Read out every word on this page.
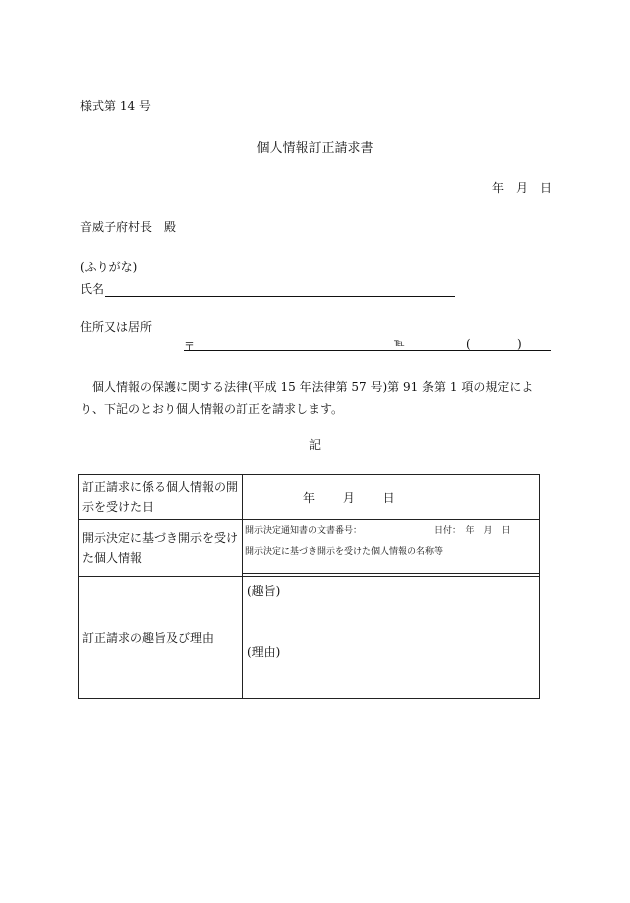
様式第 14 号
個人情報訂正請求書
年　月　日
音威子府村長　殿
(ふりがな)
氏名
住所又は居所
〒	℡	(	)
個人情報の保護に関する法律(平成 15 年法律第 57 号)第 91 条第 1 項の規定により、下記のとおり個人情報の訂正を請求します。
記
訂正請求に係る個人情報の開示を受けた日	年 月 日
開示決定に基づき開示を受けた個人情報	開示決定通知書の文書番号： 日付：　年　月　日
開示決定に基づき開示を受けた個人情報の名称等

訂正請求の趣旨及び理由	(趣旨)
(理由)
